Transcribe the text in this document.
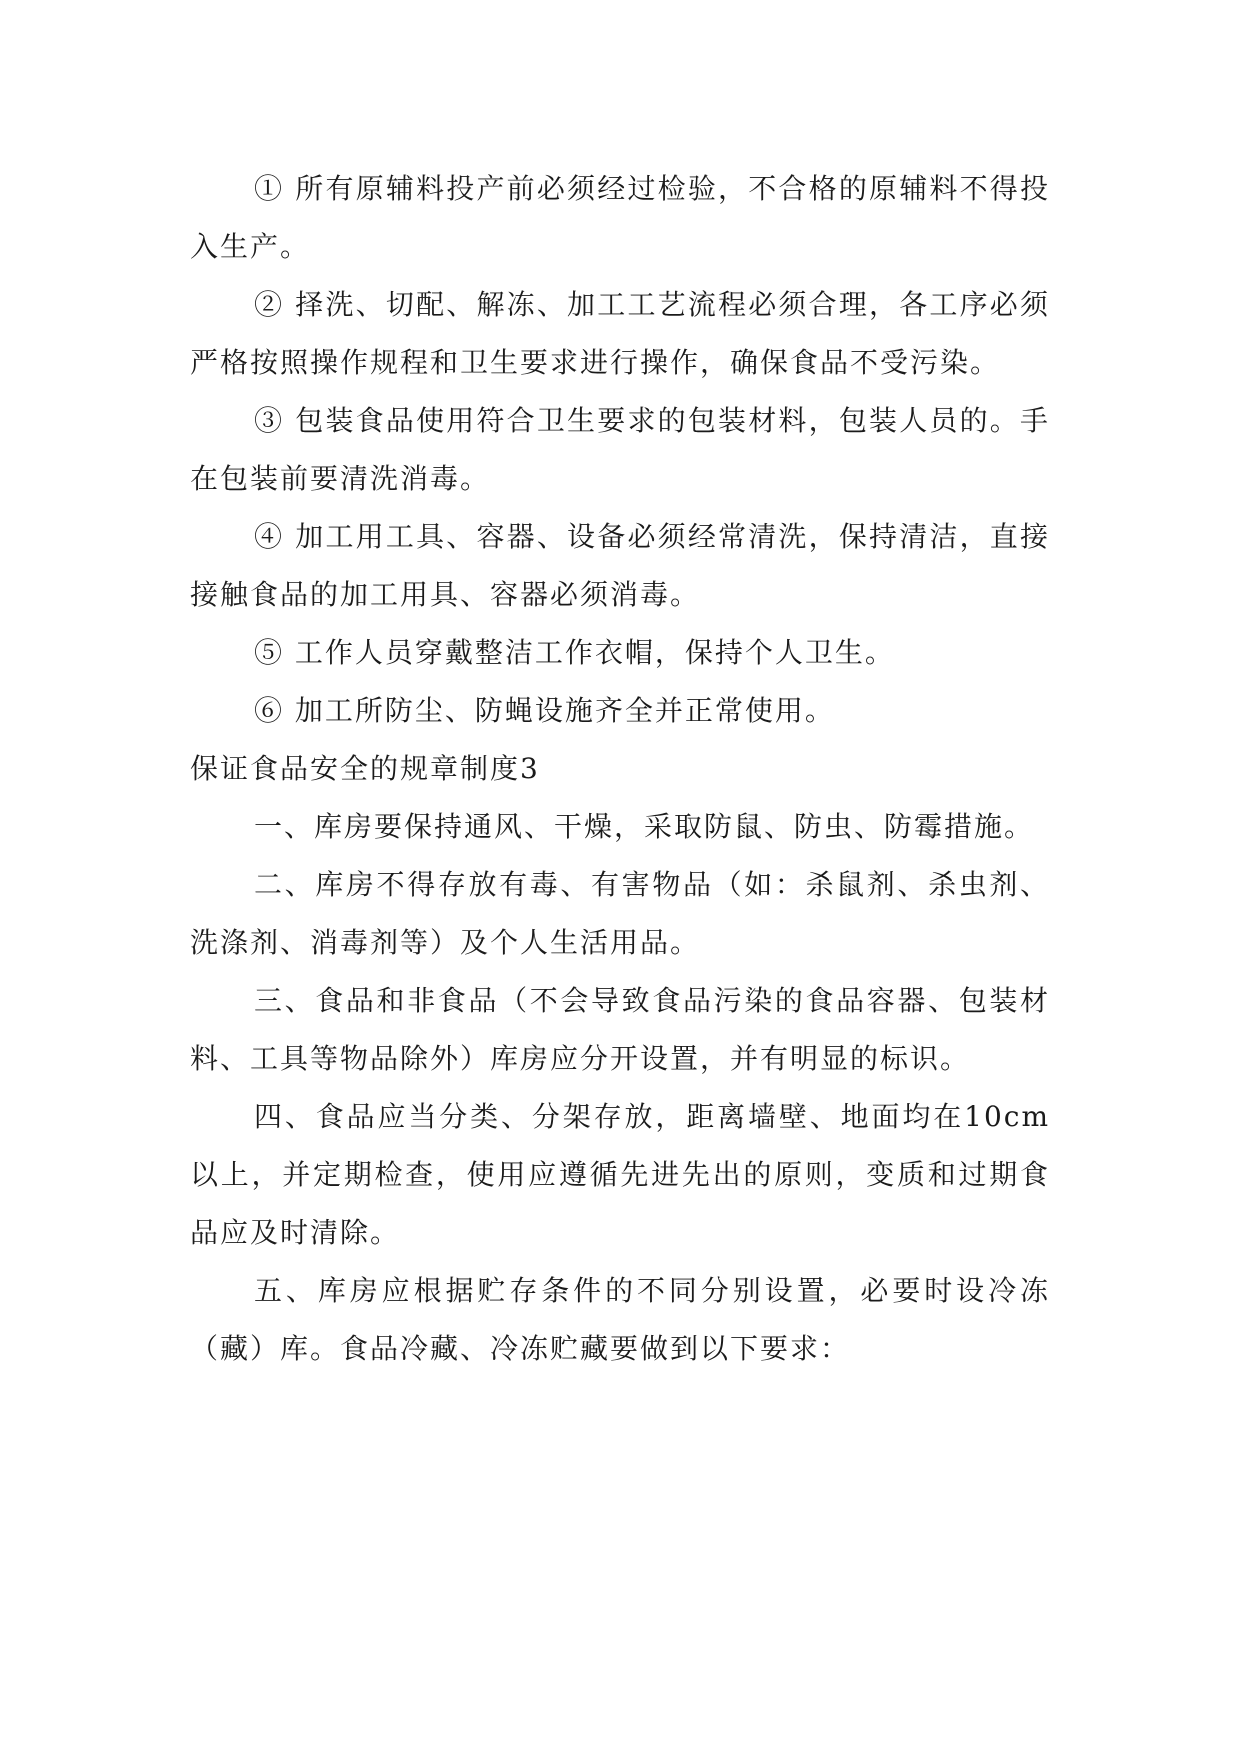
① 所有原辅料投产前必须经过检验，不合格的原辅料不得投入生产。

② 择洗、切配、解冻、加工工艺流程必须合理，各工序必须严格按照操作规程和卫生要求进行操作，确保食品不受污染。

③ 包装食品使用符合卫生要求的包装材料，包装人员的。手在包装前要清洗消毒。

④ 加工用工具、容器、设备必须经常清洗，保持清洁，直接接触食品的加工用具、容器必须消毒。

⑤ 工作人员穿戴整洁工作衣帽，保持个人卫生。

⑥ 加工所防尘、防蝇设施齐全并正常使用。

保证食品安全的规章制度3

一、库房要保持通风、干燥，采取防鼠、防虫、防霉措施。

二、库房不得存放有毒、有害物品（如：杀鼠剂、杀虫剂、洗涤剂、消毒剂等）及个人生活用品。

三、食品和非食品（不会导致食品污染的食品容器、包装材料、工具等物品除外）库房应分开设置，并有明显的标识。

四、食品应当分类、分架存放，距离墙壁、地面均在10cm以上，并定期检查，使用应遵循先进先出的原则，变质和过期食品应及时清除。

五、库房应根据贮存条件的不同分别设置，必要时设冷冻（藏）库。食品冷藏、冷冻贮藏要做到以下要求：
